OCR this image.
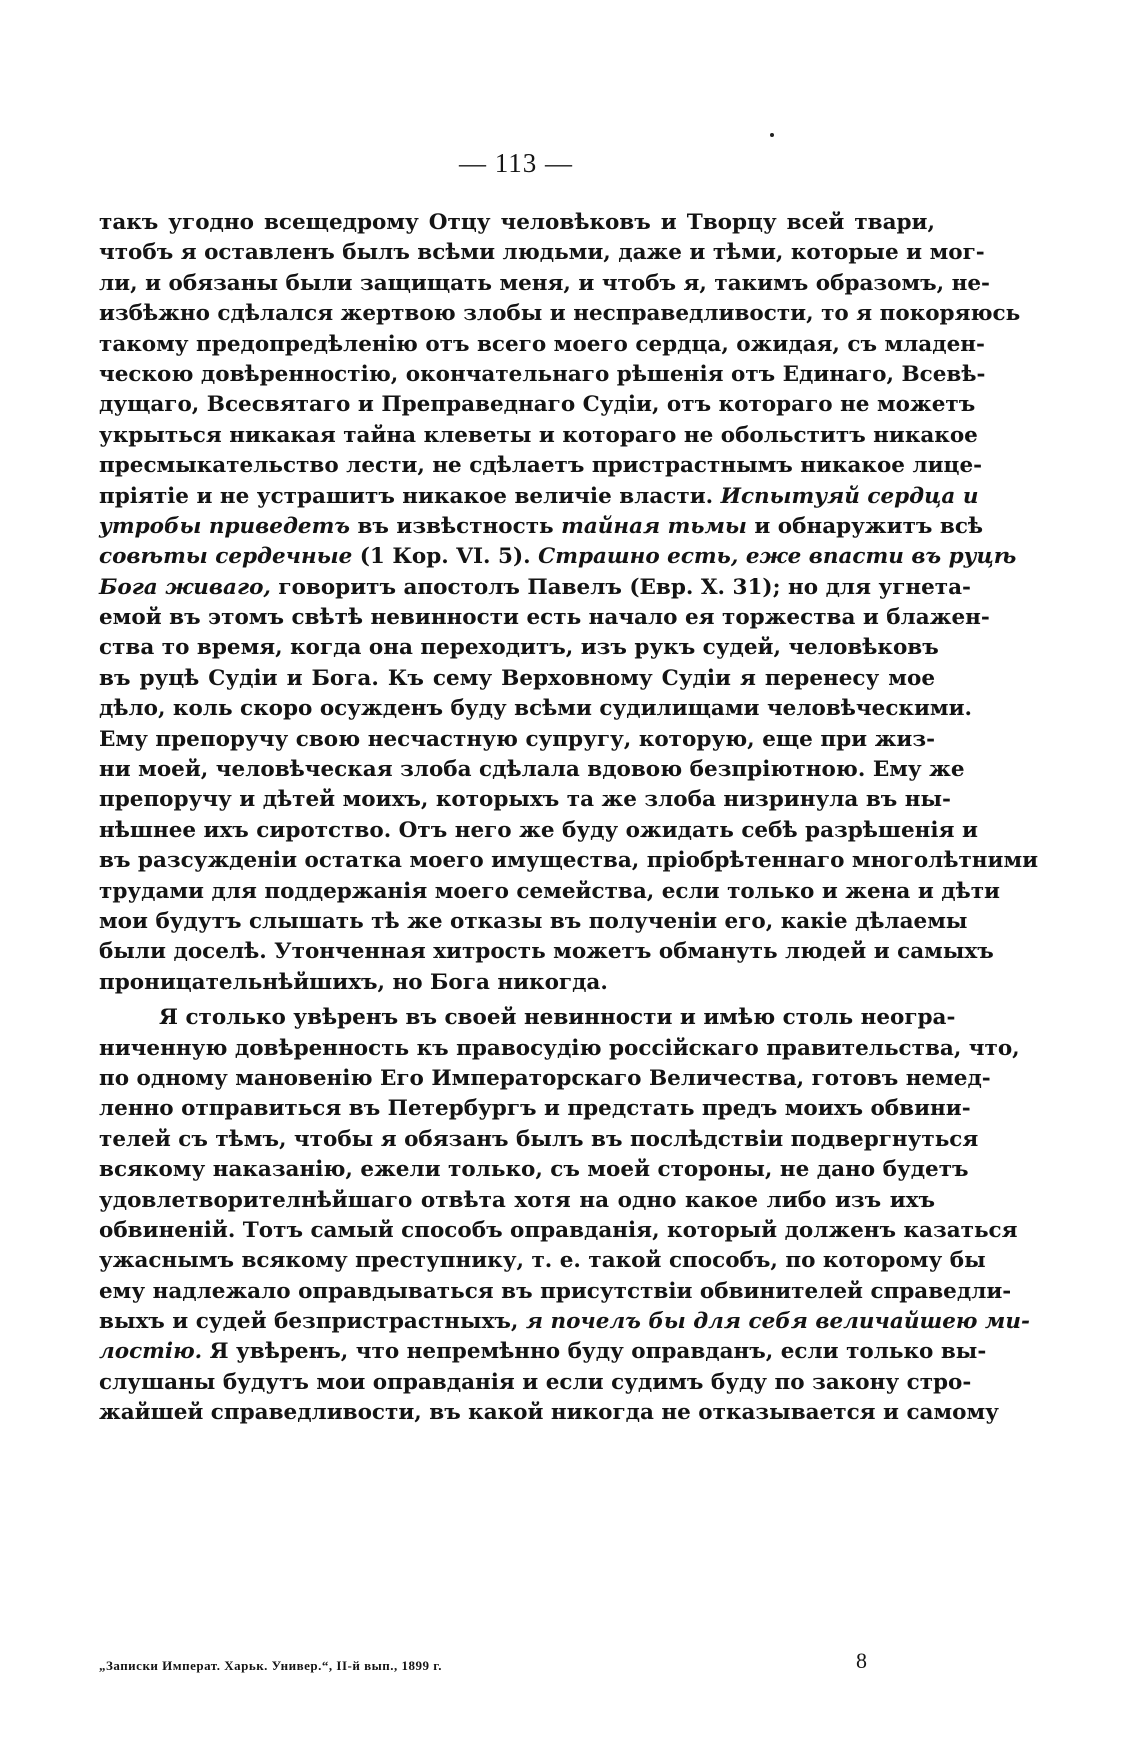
— 113 —
такъ угодно всещедрому Отцу человѣковъ и Творцу всей твари,
чтобъ я оставленъ былъ всѣми людьми, даже и тѣми, которые и мог-
ли, и обязаны были защищать меня, и чтобъ я, такимъ образомъ, не-
избѣжно сдѣлался жертвою злобы и несправедливости, то я покоряюсь
такому предопредѣленiю отъ всего моего сердца, ожидая, съ младен-
ческою довѣренностiю, окончательнаго рѣшенiя отъ Единаго, Всевѣ-
дущаго, Всесвятаго и Преправеднаго Судiи, отъ котораго не можетъ
укрыться никакая тайна клеветы и котораго не обольститъ никакое
пресмыкательство лести, не сдѣлаетъ пристрастнымъ никакое лице-
прiятie и не устрашитъ никакое величie власти. Испытуяй сердца и
утробы приведетъ въ извѣстность тайная тьмы и обнаружитъ всѣ
совѣты сердечные (1 Кор. VI. 5). Страшно есть, еже впасти въ руцѣ
Бога живаго, говоритъ апостолъ Павелъ (Евр. X. 31); но для угнета-
емой въ этомъ свѣтѣ невинности есть начало ея торжества и блажен-
ства то время, когда она переходитъ, изъ рукъ судей, человѣковъ
въ руцѣ Судiи и Бога. Къ сему Верховному Судiи я перенесу мое
дѣло, коль скоро осужденъ буду всѣми судилищами человѣческими.
Ему препоручу свою несчастную супругу, которую, еще при жиз-
ни моей, человѣческая злоба сдѣлала вдовою безпрiютною. Ему же
препоручу и дѣтей моихъ, которыхъ та же злоба низринула въ ны-
нѣшнее ихъ сиротство. Отъ него же буду ожидать себѣ разрѣшенiя и
въ разсужденiи остатка моего имущества, прiобрѣтеннаго многолѣтними
трудами для поддержанiя моего семейства, если только и жена и дѣти
мои будутъ слышать тѣ же отказы въ полученiи его, какie дѣлаемы
были доселѣ. Утонченная хитрость можетъ обмануть людей и самыхъ
проницательнѣйшихъ, но Бога никогда.
Я столько увѣренъ въ своей невинности и имѣю столь неогра-
ниченную довѣренность къ правосудiю россiйскаго правительства, что,
по одному мановенiю Его Императорскаго Величества, готовъ немед-
ленно отправиться въ Петербургъ и предстать предъ моихъ обвини-
телей съ тѣмъ, чтобы я обязанъ былъ въ послѣдствiи подвергнуться
всякому наказанiю, ежели только, съ моей стороны, не дано будетъ
удовлетворителнѣйшаго отвѣта хотя на одно какое либо изъ ихъ
обвиненiй. Тотъ самый способъ оправданiя, который долженъ казаться
ужаснымъ всякому преступнику, т. е. такой способъ, по которому бы
ему надлежало оправдываться въ присутствiи обвинителей справедли-
выхъ и судей безпристрастныхъ, я почелъ бы для себя величайшею ми-
лостiю. Я увѣренъ, что непремѣнно буду оправданъ, если только вы-
слушаны будутъ мои оправданiя и если судимъ буду по закону стро-
жайшей справедливости, въ какой никогда не отказывается и самому
„Записки Императ. Харьк. Универ.“, II-й вып., 1899 г.	8
